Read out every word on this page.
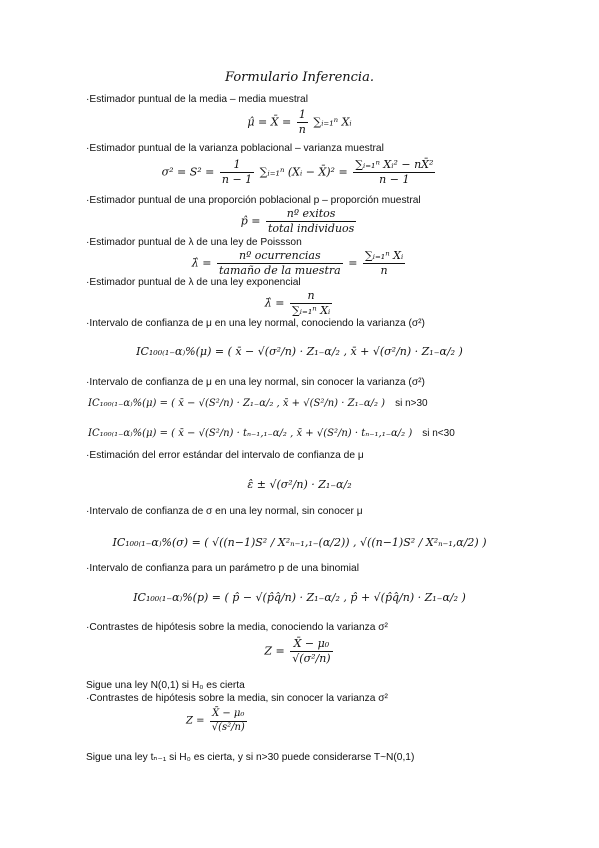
Formulario Inferencia.
·Estimador puntual de la media – media muestral
μ̂ = X̄ = $\frac{1}{n}$ ∑ᵢ₌₁ⁿ Xᵢ
·Estimador puntual de la varianza poblacional – varianza muestral
$\sigma^2 = S^2 = \frac{1}{n - 1}$ ∑ᵢ₌₁ⁿ (Xᵢ − X̄)² = $\frac{\text{∑ᵢ₌₁ⁿ Xᵢ² − nX̄²}}{n - 1}$
·Estimador puntual de una proporción poblacional p – proporción muestral
p̂ = $\frac{\text{nº exitos}}{\text{total individuos}}$
·Estimador puntual de λ de una ley de Poissson
λ̂ = $\frac{\text{nº ocurrencias}}{\text{tamaño de la muestra}} = \frac{\text{∑ᵢ₌₁ⁿ Xᵢ}}{n}$
·Estimador puntual de λ de una ley exponencial
λ̂ = $\frac{n}{\text{∑ᵢ₌₁ⁿ Xᵢ}}$
·Intervalo de confianza de μ en una ley normal, conociendo la varianza (σ²)
IC₁₀₀₍₁₋α₎%(μ) = ( x̄ − √(σ²/n) · Z₁₋α/₂ , x̄ + √(σ²/n) · Z₁₋α/₂ )
·Intervalo de confianza de μ en una ley normal, sin conocer la varianza (σ²)
IC₁₀₀₍₁₋α₎%(μ) = ( x̄ − √(S²/n) · Z₁₋α/₂ , x̄ + √(S²/n) · Z₁₋α/₂ ) si n>30
IC₁₀₀₍₁₋α₎%(μ) = ( x̄ − √(S²/n) · tₙ₋₁,₁₋α/₂ , x̄ + √(S²/n) · tₙ₋₁,₁₋α/₂ ) si n<30
·Estimación del error estándar del intervalo de confianza de μ
ε̂ ± √(σ²/n) · Z₁₋α/₂
·Intervalo de confianza de σ en una ley normal, sin conocer μ
IC₁₀₀₍₁₋α₎%(σ) = ( √((n−1)S² / X²ₙ₋₁,₁₋(α/2)) , √((n−1)S² / X²ₙ₋₁,α/2) )
·Intervalo de confianza para un parámetro p de una binomial
IC₁₀₀₍₁₋α₎%(p) = ( p̂ − √(p̂q̂/n) · Z₁₋α/₂ , p̂ + √(p̂q̂/n) · Z₁₋α/₂ )
·Contrastes de hipótesis sobre la media, conociendo la varianza σ²
$Z = \frac{\text{X̄ − μ₀}}{\text{√(σ²/n)}}$
Sigue una ley N(0,1) si H₀ es cierta
·Contrastes de hipótesis sobre la media, sin conocer la varianza σ²
$Z = \frac{\text{X̄ − μ₀}}{\text{√(s²/n)}}$
Sigue una ley tₙ₋₁ si H₀ es cierta, y si n>30 puede considerarse T~N(0,1)
